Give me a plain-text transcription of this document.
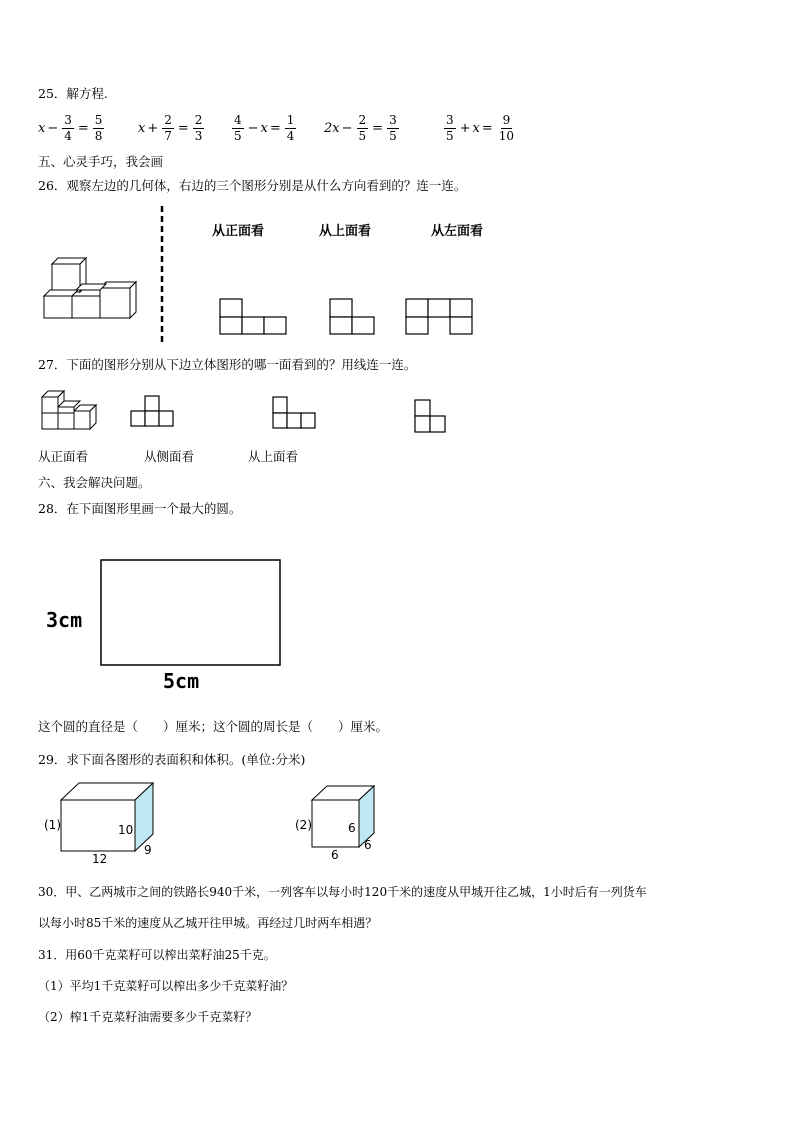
25．解方程.
$x - \frac{3}{4} = \frac{5}{8}$	$x + \frac{2}{7} = \frac{2}{3} \frac{4}{5} - x = \frac{1}{4} 2x - \frac{2}{5} = \frac{3}{5}$	$\frac{3}{5} + x = \frac{9}{10}$
五、心灵手巧，我会画
26．观察左边的几何体，右边的三个图形分别是从什么方向看到的？连一连。
从正面看	从上面看	从左面看
27．下面的图形分别从下边立体图形的哪一面看到的？用线连一连。
从正面看	从侧面看	从上面看
六、我会解决问题。
28．在下面图形里画一个最大的圆。
3cm
5cm
这个圆的直径是（　　）厘米；这个圆的周长是（　　）厘米。
29．求下面各图形的表面积和体积。(单位:分米)
(1)	10
9
12
(2)	6
6
6
30．甲、乙两城市之间的铁路长940千米，一列客车以每小时120千米的速度从甲城开往乙城，1小时后有一列货车
以每小时85千米的速度从乙城开往甲城。再经过几时两车相遇？
31．用60千克菜籽可以榨出菜籽油25千克。
（1）平均1千克菜籽可以榨出多少千克菜籽油？
（2）榨1千克菜籽油需要多少千克菜籽？
